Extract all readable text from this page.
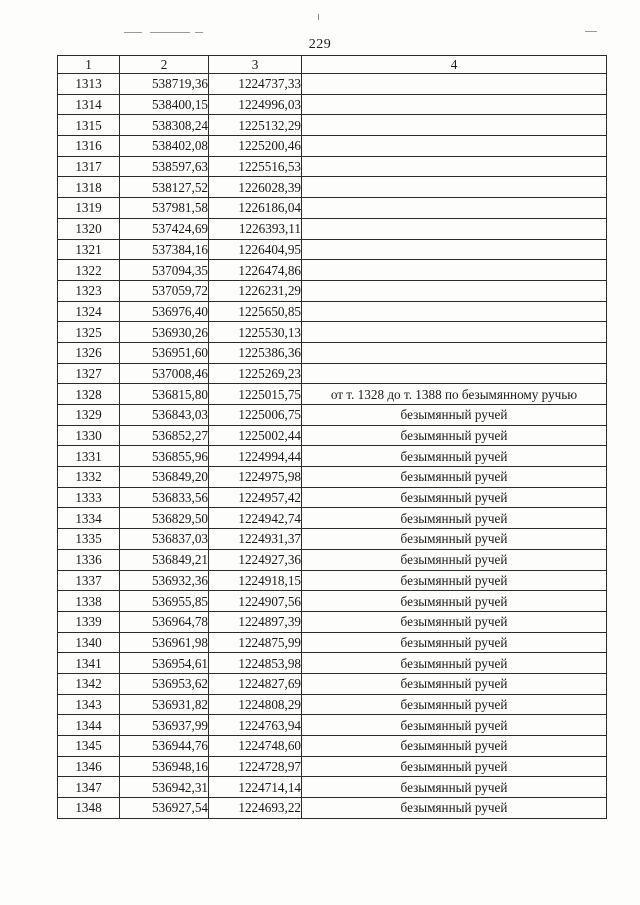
229
1	2	3	4
1313	538719,36	1224737,33	
1314	538400,15	1224996,03	
1315	538308,24	1225132,29	
1316	538402,08	1225200,46	
1317	538597,63	1225516,53	
1318	538127,52	1226028,39	
1319	537981,58	1226186,04	
1320	537424,69	1226393,11	
1321	537384,16	1226404,95	
1322	537094,35	1226474,86	
1323	537059,72	1226231,29	
1324	536976,40	1225650,85	
1325	536930,26	1225530,13	
1326	536951,60	1225386,36	
1327	537008,46	1225269,23	
1328	536815,80	1225015,75	от т. 1328 до т. 1388 по безымянному ручью
1329	536843,03	1225006,75	безымянный ручей
1330	536852,27	1225002,44	безымянный ручей
1331	536855,96	1224994,44	безымянный ручей
1332	536849,20	1224975,98	безымянный ручей
1333	536833,56	1224957,42	безымянный ручей
1334	536829,50	1224942,74	безымянный ручей
1335	536837,03	1224931,37	безымянный ручей
1336	536849,21	1224927,36	безымянный ручей
1337	536932,36	1224918,15	безымянный ручей
1338	536955,85	1224907,56	безымянный ручей
1339	536964,78	1224897,39	безымянный ручей
1340	536961,98	1224875,99	безымянный ручей
1341	536954,61	1224853,98	безымянный ручей
1342	536953,62	1224827,69	безымянный ручей
1343	536931,82	1224808,29	безымянный ручей
1344	536937,99	1224763,94	безымянный ручей
1345	536944,76	1224748,60	безымянный ручей
1346	536948,16	1224728,97	безымянный ручей
1347	536942,31	1224714,14	безымянный ручей
1348	536927,54	1224693,22	безымянный ручей
